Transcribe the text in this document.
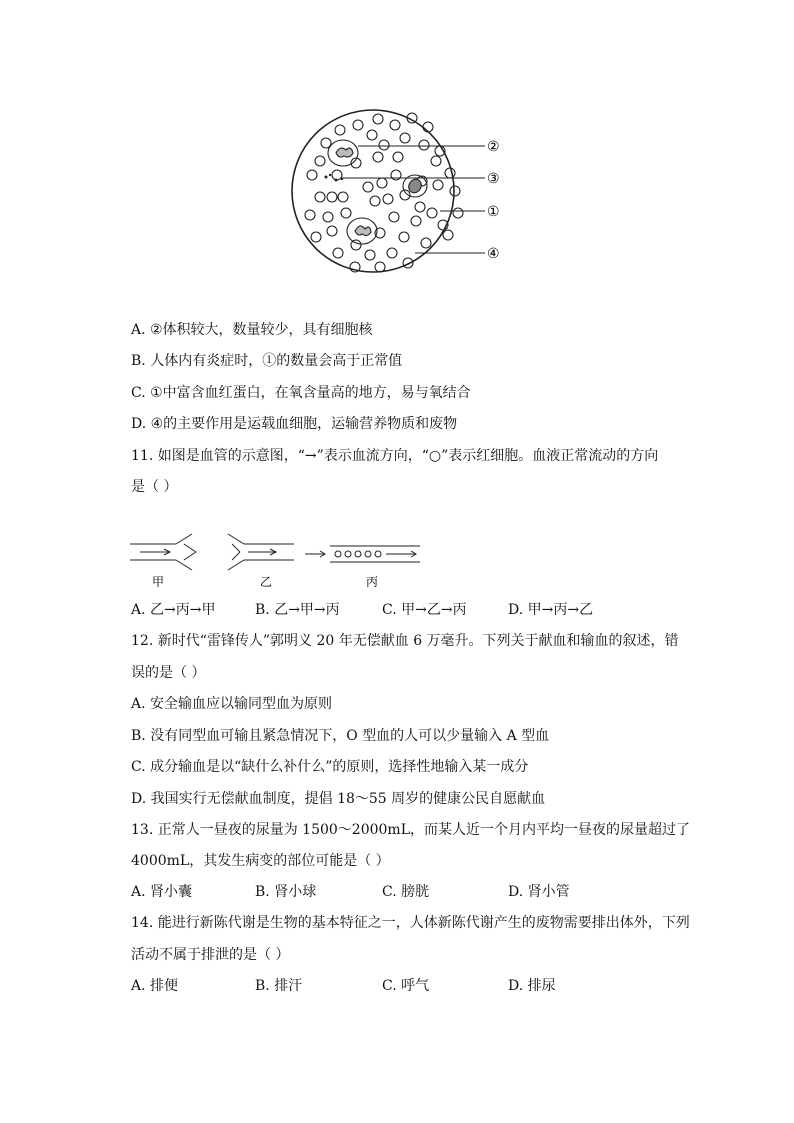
②
③
①
④
A. ②体积较大，数量较少，具有细胞核
B. 人体内有炎症时，①的数量会高于正常值
C. ①中富含血红蛋白，在氧含量高的地方，易与氧结合
D. ④的主要作用是运载血细胞，运输营养物质和废物
11. 如图是血管的示意图，“→”表示血流方向，“○”表示红细胞。血液正常流动的方向
是（ ）
甲	乙	丙
A. 乙→丙→甲	B. 乙→甲→丙	C. 甲→乙→丙	D. 甲→丙→乙
12. 新时代“雷锋传人”郭明义 20 年无偿献血 6 万毫升。下列关于献血和输血的叙述，错
误的是（ ）
A. 安全输血应以输同型血为原则
B. 没有同型血可输且紧急情况下，O 型血的人可以少量输入 A 型血
C. 成分输血是以“缺什么补什么”的原则，选择性地输入某一成分
D. 我国实行无偿献血制度，提倡 18～55 周岁的健康公民自愿献血
13. 正常人一昼夜的尿量为 1500～2000mL，而某人近一个月内平均一昼夜的尿量超过了
4000mL，其发生病变的部位可能是（ ）
A. 肾小囊	B. 肾小球	C. 膀胱	D. 肾小管
14. 能进行新陈代谢是生物的基本特征之一，人体新陈代谢产生的废物需要排出体外，下列
活动不属于排泄的是（ ）
A. 排便	B. 排汗	C. 呼气	D. 排尿
